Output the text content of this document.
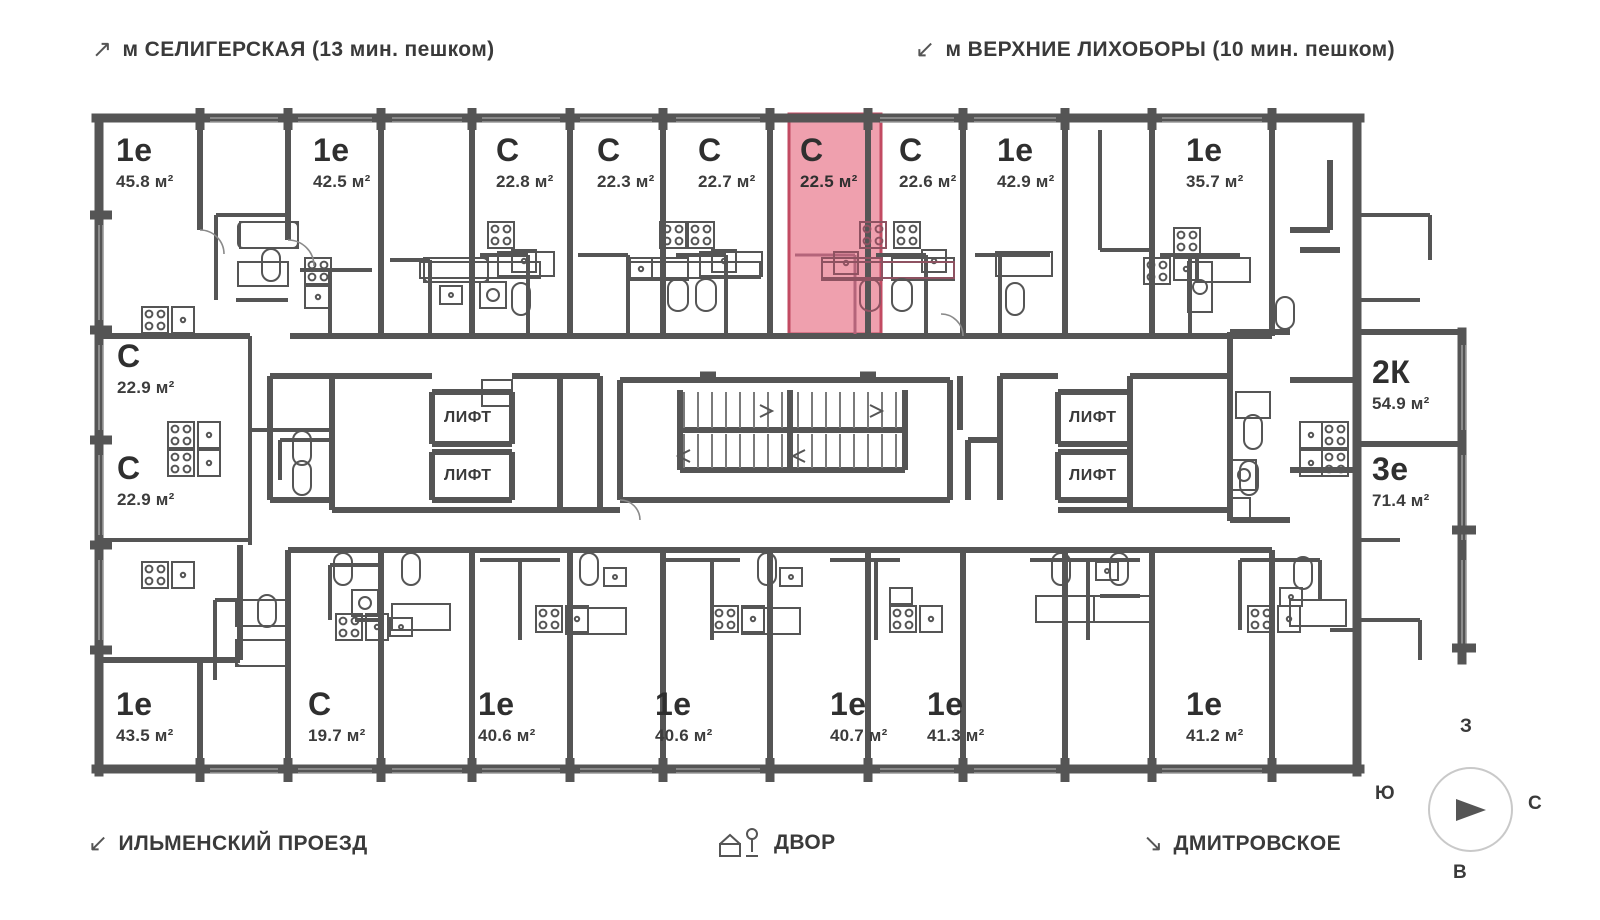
1е
45.8 м²
1е
42.5 м²
С
22.8 м²
С
22.3 м²
С
22.7 м²
С
22.5 м²
С
22.6 м²
1е
42.9 м²
1е
35.7 м²
С
22.9 м²
С
22.9 м²
2К
54.9 м²
3е
71.4 м²
1е
43.5 м²
С
19.7 м²
1е
40.6 м²
1е
40.6 м²
1е
40.7 м²
1е
41.3 м²
1е
41.2 м²
ЛИФТ
ЛИФТ
ЛИФТ
ЛИФТ
↗ м СЕЛИГЕРСКАЯ (13 мин. пешком)	↙ м ВЕРХНИЕ ЛИХОБОРЫ (10 мин. пешком)
↙ ИЛЬМЕНСКИЙ ПРОЕЗД	ДВОР	↘ ДМИТРОВСКОЕ
З
С
В
Ю
